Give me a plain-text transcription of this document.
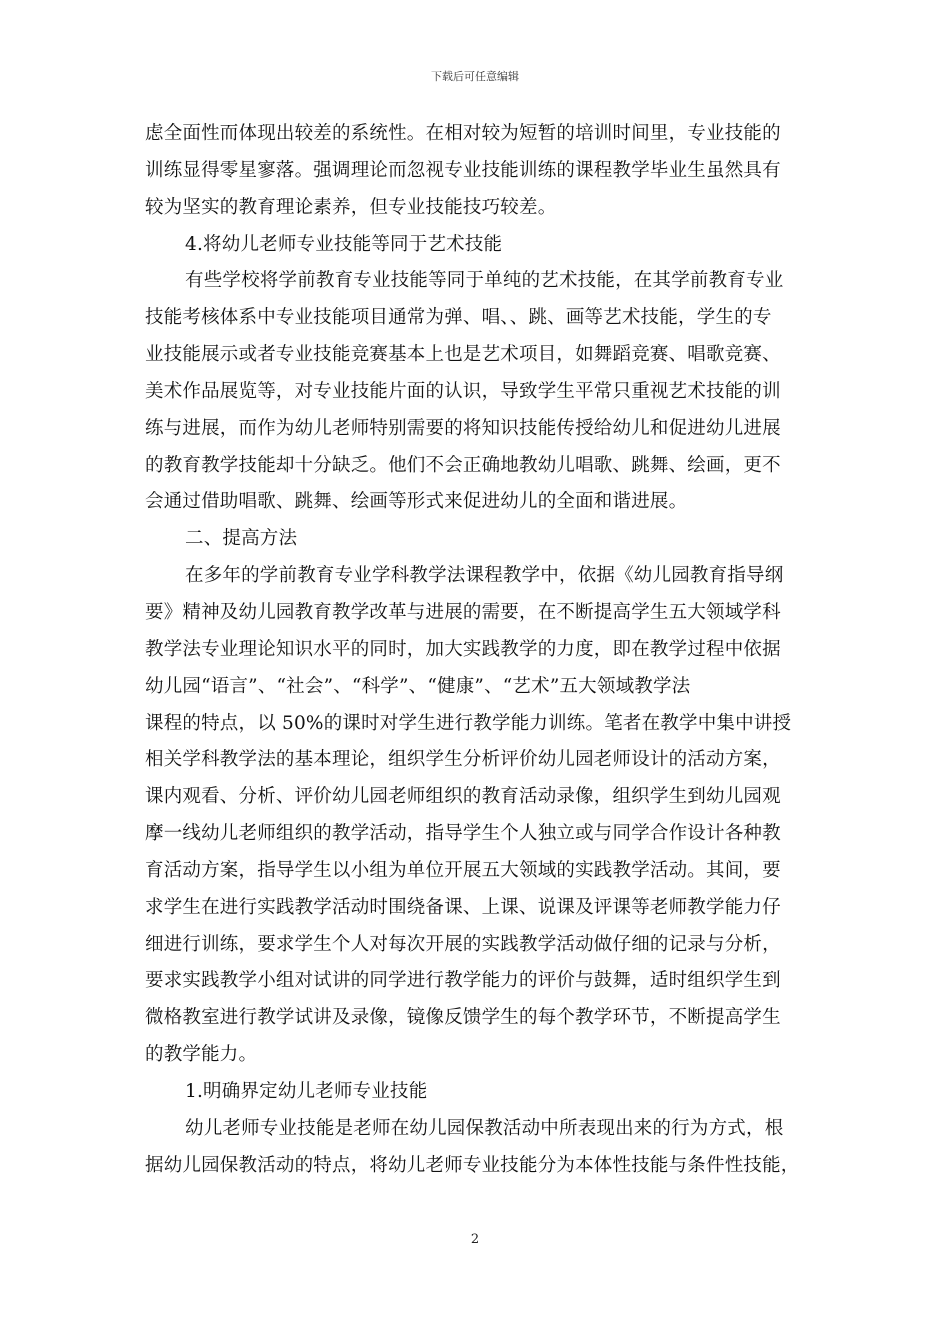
下载后可任意编辑
虑全面性而体现出较差的系统性。在相对较为短暂的培训时间里，专业技能的
训练显得零星寥落。强调理论而忽视专业技能训练的课程教学毕业生虽然具有
较为坚实的教育理论素养，但专业技能技巧较差。
4.将幼儿老师专业技能等同于艺术技能
有些学校将学前教育专业技能等同于单纯的艺术技能，在其学前教育专业
技能考核体系中专业技能项目通常为弹、唱、、跳、画等艺术技能，学生的专
业技能展示或者专业技能竞赛基本上也是艺术项目，如舞蹈竞赛、唱歌竞赛、
美术作品展览等，对专业技能片面的认识，导致学生平常只重视艺术技能的训
练与进展，而作为幼儿老师特别需要的将知识技能传授给幼儿和促进幼儿进展
的教育教学技能却十分缺乏。他们不会正确地教幼儿唱歌、跳舞、绘画，更不
会通过借助唱歌、跳舞、绘画等形式来促进幼儿的全面和谐进展。
二、提高方法
在多年的学前教育专业学科教学法课程教学中，依据《幼儿园教育指导纲
要》精神及幼儿园教育教学改革与进展的需要，在不断提高学生五大领域学科
教学法专业理论知识水平的同时，加大实践教学的力度，即在教学过程中依据
幼儿园“语言”、“社会”、“科学”、“健康”、“艺术”五大领域教学法
课程的特点，以 50%的课时对学生进行教学能力训练。笔者在教学中集中讲授
相关学科教学法的基本理论，组织学生分析评价幼儿园老师设计的活动方案，
课内观看、分析、评价幼儿园老师组织的教育活动录像，组织学生到幼儿园观
摩一线幼儿老师组织的教学活动，指导学生个人独立或与同学合作设计各种教
育活动方案，指导学生以小组为单位开展五大领域的实践教学活动。其间，要
求学生在进行实践教学活动时围绕备课、上课、说课及评课等老师教学能力仔
细进行训练，要求学生个人对每次开展的实践教学活动做仔细的记录与分析，
要求实践教学小组对试讲的同学进行教学能力的评价与鼓舞，适时组织学生到
微格教室进行教学试讲及录像，镜像反馈学生的每个教学环节，不断提高学生
的教学能力。
1.明确界定幼儿老师专业技能
幼儿老师专业技能是老师在幼儿园保教活动中所表现出来的行为方式，根
据幼儿园保教活动的特点，将幼儿老师专业技能分为本体性技能与条件性技能，
2
